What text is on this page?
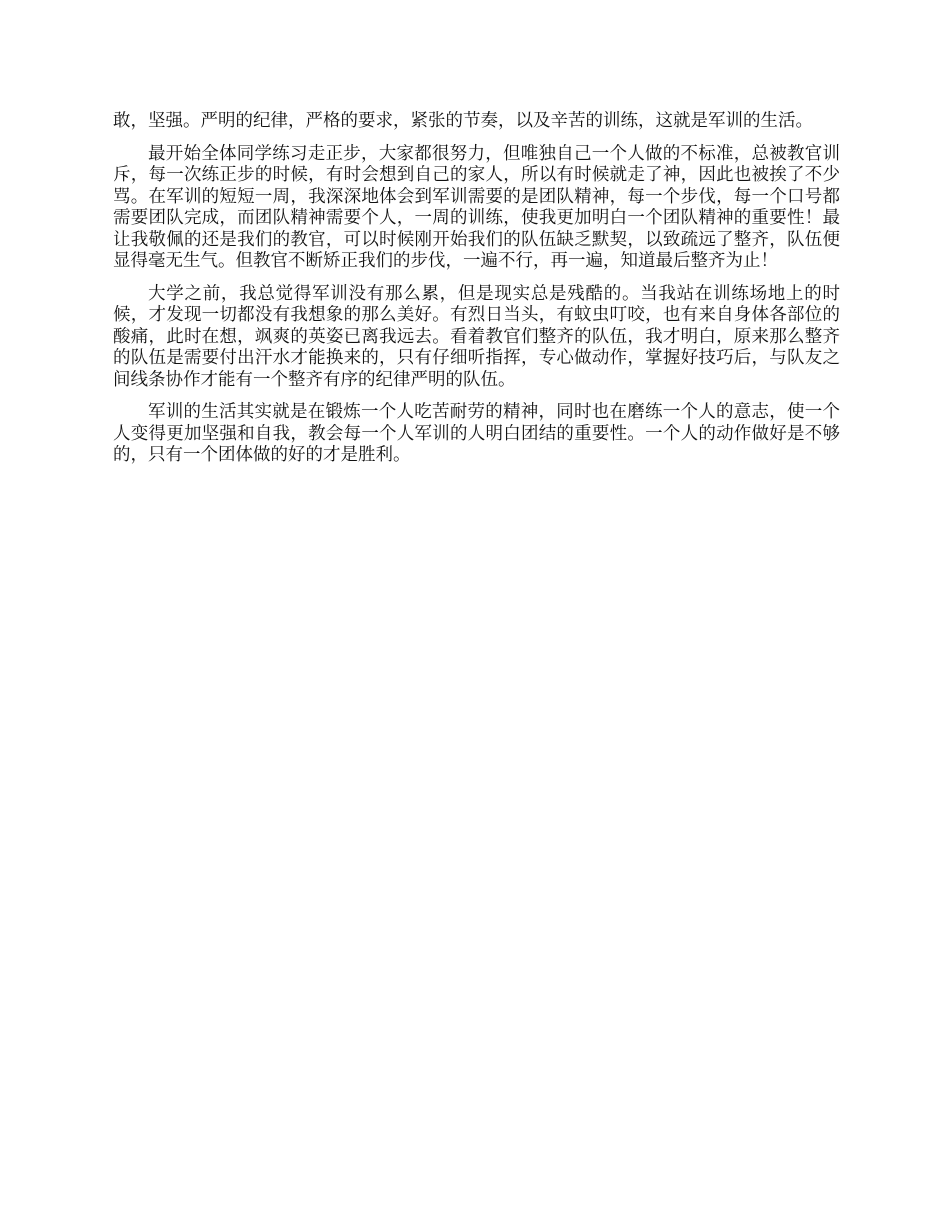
敢，坚强。严明的纪律，严格的要求，紧张的节奏，以及辛苦的训练，这就是军训的生活。

最开始全体同学练习走正步，大家都很努力，但唯独自己一个人做的不标准，总被教官训斥，每一次练正步的时候，有时会想到自己的家人，所以有时候就走了神，因此也被挨了不少骂。在军训的短短一周，我深深地体会到军训需要的是团队精神，每一个步伐，每一个口号都需要团队完成，而团队精神需要个人，一周的训练，使我更加明白一个团队精神的重要性！最让我敬佩的还是我们的教官，可以时候刚开始我们的队伍缺乏默契，以致疏远了整齐，队伍便显得毫无生气。但教官不断矫正我们的步伐，一遍不行，再一遍，知道最后整齐为止！

大学之前，我总觉得军训没有那么累，但是现实总是残酷的。当我站在训练场地上的时候，才发现一切都没有我想象的那么美好。有烈日当头，有蚊虫叮咬，也有来自身体各部位的酸痛，此时在想，飒爽的英姿已离我远去。看着教官们整齐的队伍，我才明白，原来那么整齐的队伍是需要付出汗水才能换来的，只有仔细听指挥，专心做动作，掌握好技巧后，与队友之间线条协作才能有一个整齐有序的纪律严明的队伍。

军训的生活其实就是在锻炼一个人吃苦耐劳的精神，同时也在磨练一个人的意志，使一个人变得更加坚强和自我，教会每一个人军训的人明白团结的重要性。一个人的动作做好是不够的，只有一个团体做的好的才是胜利。
